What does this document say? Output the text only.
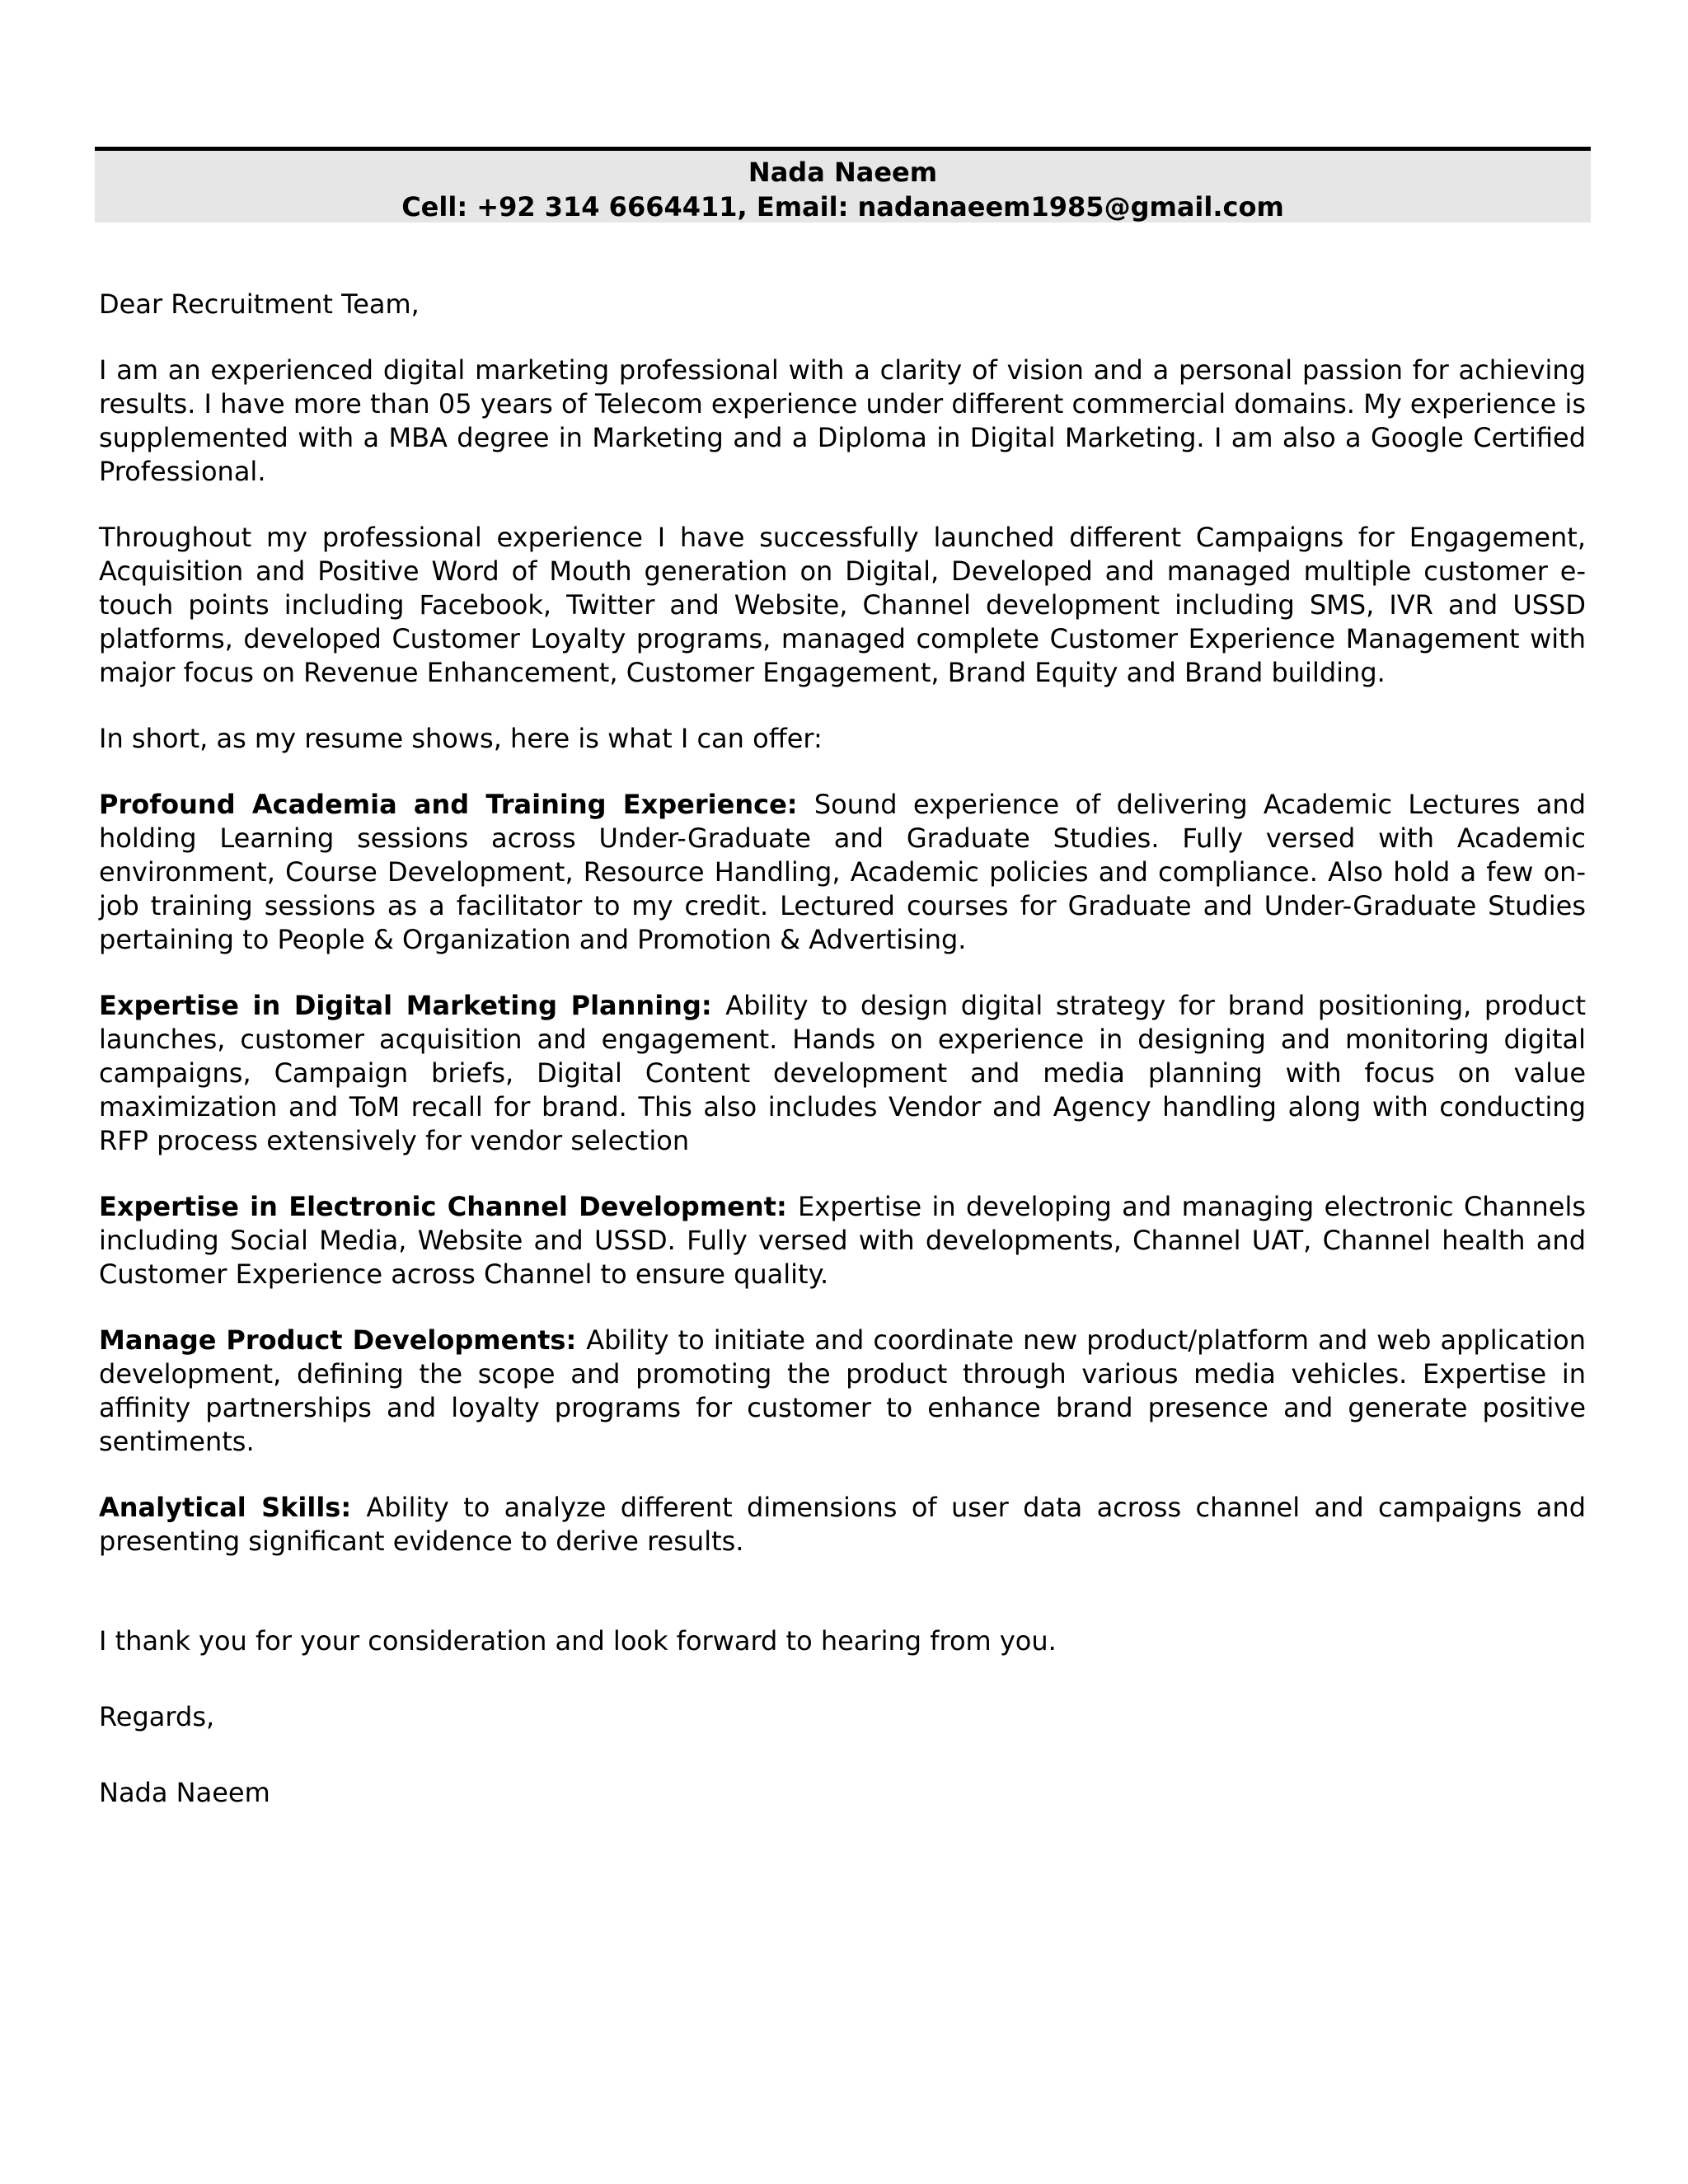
Nada Naeem
Cell: +92 314 6664411, Email: nadanaeem1985@gmail.com

Dear Recruitment Team,

I am an experienced digital marketing professional with a clarity of vision and a personal passion for achieving results. I have more than 05 years of Telecom experience under different commercial domains. My experience is supplemented with a MBA degree in Marketing and a Diploma in Digital Marketing. I am also a Google Certified Professional.

Throughout my professional experience I have successfully launched different Campaigns for Engagement, Acquisition and Positive Word of Mouth generation on Digital, Developed and managed multiple customer e-touch points including Facebook, Twitter and Website, Channel development including SMS, IVR and USSD platforms, developed Customer Loyalty programs, managed complete Customer Experience Management with major focus on Revenue Enhancement, Customer Engagement, Brand Equity and Brand building.

In short, as my resume shows, here is what I can offer:

Profound Academia and Training Experience: Sound experience of delivering Academic Lectures and holding Learning sessions across Under-Graduate and Graduate Studies. Fully versed with Academic environment, Course Development, Resource Handling, Academic policies and compliance. Also hold a few on-job training sessions as a facilitator to my credit. Lectured courses for Graduate and Under-Graduate Studies pertaining to People & Organization and Promotion & Advertising.

Expertise in Digital Marketing Planning: Ability to design digital strategy for brand positioning, product launches, customer acquisition and engagement. Hands on experience in designing and monitoring digital campaigns, Campaign briefs, Digital Content development and media planning with focus on value maximization and ToM recall for brand. This also includes Vendor and Agency handling along with conducting RFP process extensively for vendor selection

Expertise in Electronic Channel Development: Expertise in developing and managing electronic Channels including Social Media, Website and USSD. Fully versed with developments, Channel UAT, Channel health and Customer Experience across Channel to ensure quality.

Manage Product Developments: Ability to initiate and coordinate new product/platform and web application development, defining the scope and promoting the product through various media vehicles. Expertise in affinity partnerships and loyalty programs for customer to enhance brand presence and generate positive sentiments.

Analytical Skills: Ability to analyze different dimensions of user data across channel and campaigns and presenting significant evidence to derive results.

I thank you for your consideration and look forward to hearing from you.

Regards,

Nada Naeem
